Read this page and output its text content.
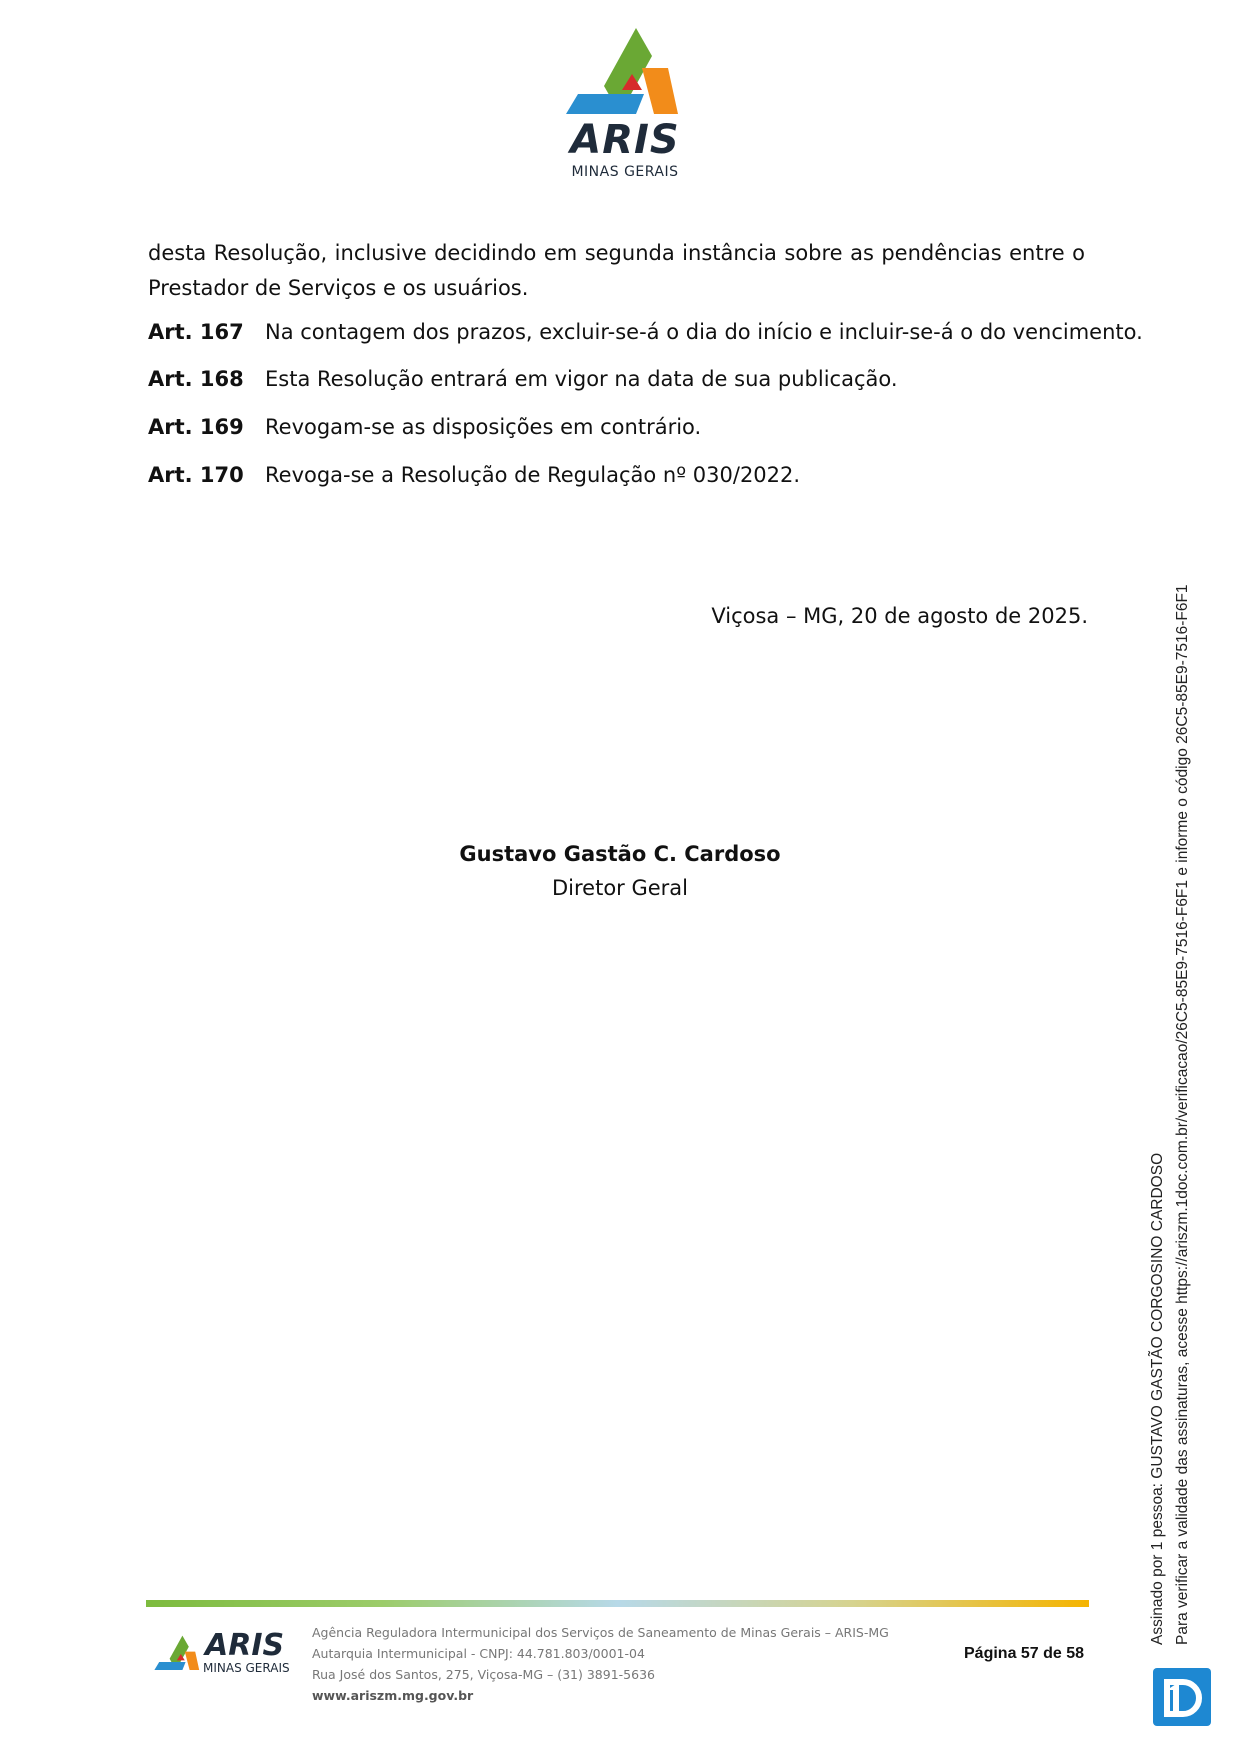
ARIS
MINAS GERAIS
desta Resolução, inclusive decidindo em segunda instância sobre as pendências entre o
Prestador de Serviços e os usuários.
Art. 167 Na contagem dos prazos, excluir-se-á o dia do início e incluir-se-á o do vencimento.
Art. 168 Esta Resolução entrará em vigor na data de sua publicação.
Art. 169 Revogam-se as disposições em contrário.
Art. 170 Revoga-se a Resolução de Regulação nº 030/2022.
Viçosa – MG, 20 de agosto de 2025.
Gustavo Gastão C. Cardoso
Diretor Geral
ARIS
MINAS GERAIS
Agência Reguladora Intermunicipal dos Serviços de Saneamento de Minas Gerais – ARIS-MG
Autarquia Intermunicipal - CNPJ: 44.781.803/0001-04
Rua José dos Santos, 275, Viçosa-MG – (31) 3891-5636
www.ariszm.mg.gov.br
Página 57 de 58
Assinado por 1 pessoa: GUSTAVO GASTÃO CORGOSINO CARDOSO Para verificar a validade das assinaturas, acesse https://ariszm.1doc.com.br/verificacao/26C5-85E9-7516-F6F1 e informe o código 26C5-85E9-7516-F6F1
